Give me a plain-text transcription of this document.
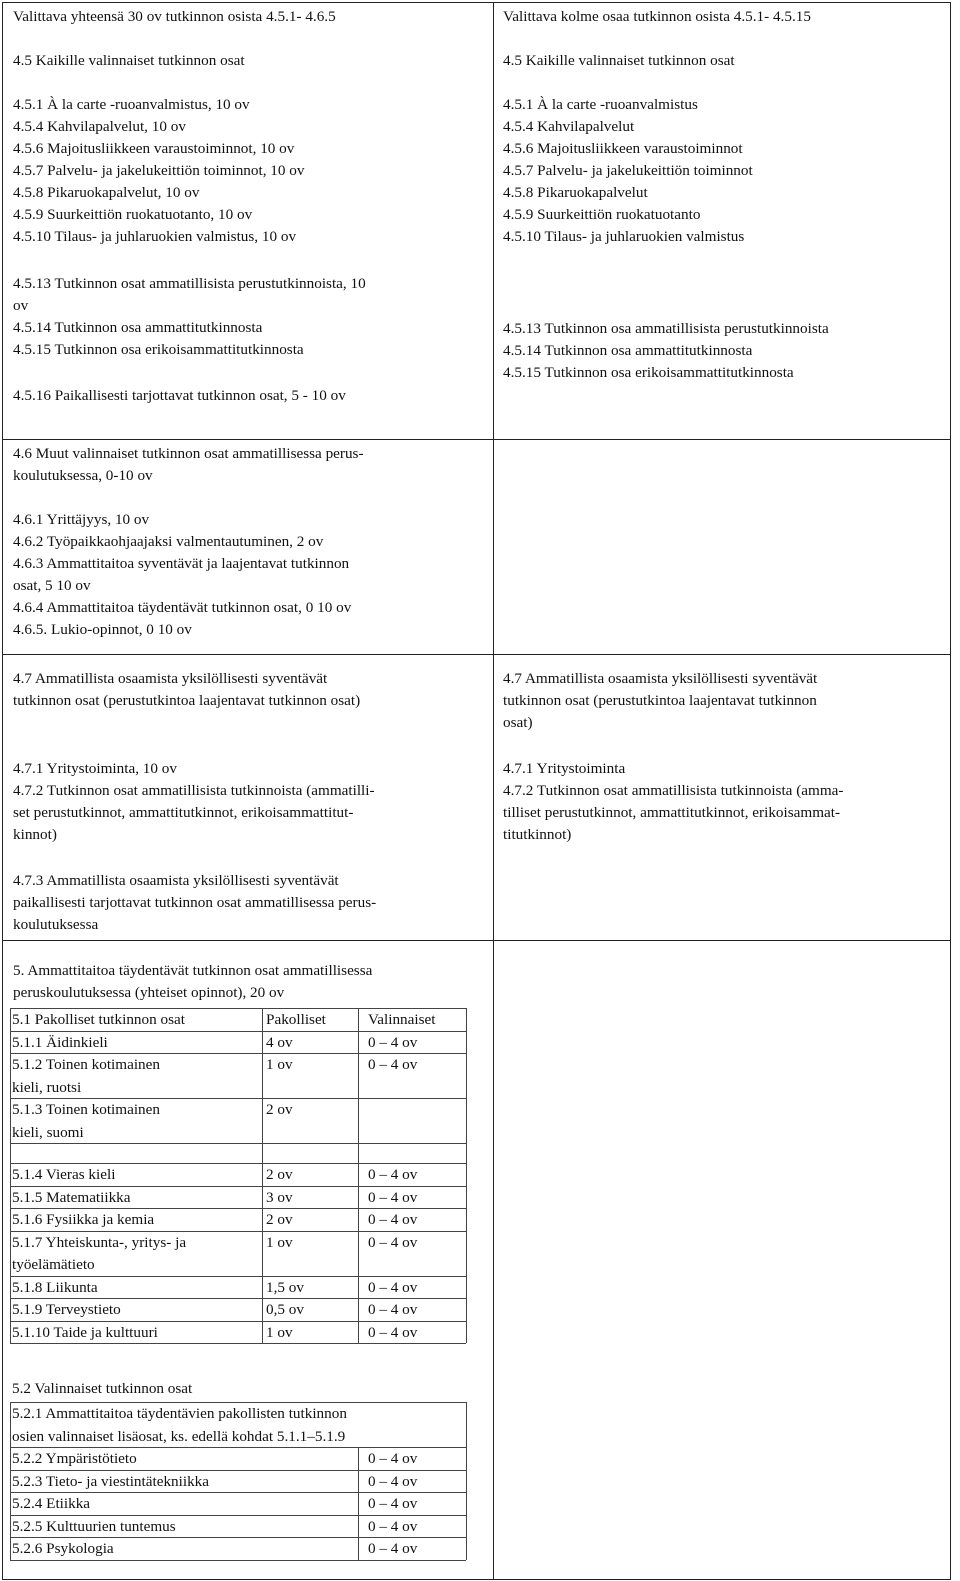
Valittava yhteensä 30 ov tutkinnon osista 4.5.1- 4.6.5
4.5 Kaikille valinnaiset tutkinnon osat
4.5.1 À la carte -ruoanvalmistus, 10 ov
4.5.4 Kahvilapalvelut, 10 ov
4.5.6 Majoitusliikkeen varaustoiminnot, 10 ov
4.5.7 Palvelu- ja jakelukeittiön toiminnot, 10 ov
4.5.8 Pikaruokapalvelut, 10 ov
4.5.9 Suurkeittiön ruokatuotanto, 10 ov
4.5.10 Tilaus- ja juhlaruokien valmistus, 10 ov
4.5.13 Tutkinnon osat ammatillisista perustutkinnoista, 10
ov
4.5.14 Tutkinnon osa ammattitutkinnosta
4.5.15 Tutkinnon osa erikoisammattitutkinnosta
4.5.16 Paikallisesti tarjottavat tutkinnon osat, 5 - 10 ov
Valittava kolme osaa tutkinnon osista 4.5.1- 4.5.15
4.5 Kaikille valinnaiset tutkinnon osat
4.5.1 À la carte -ruoanvalmistus
4.5.4 Kahvilapalvelut
4.5.6 Majoitusliikkeen varaustoiminnot
4.5.7 Palvelu- ja jakelukeittiön toiminnot
4.5.8 Pikaruokapalvelut
4.5.9 Suurkeittiön ruokatuotanto
4.5.10 Tilaus- ja juhlaruokien valmistus
4.5.13 Tutkinnon osa ammatillisista perustutkinnoista
4.5.14 Tutkinnon osa ammattitutkinnosta
4.5.15 Tutkinnon osa erikoisammattitutkinnosta
4.6 Muut valinnaiset tutkinnon osat ammatillisessa perus-
koulutuksessa, 0-10 ov
4.6.1 Yrittäjyys, 10 ov
4.6.2 Työpaikkaohjaajaksi valmentautuminen, 2 ov
4.6.3 Ammattitaitoa syventävät ja laajentavat tutkinnon
osat, 5 10 ov
4.6.4 Ammattitaitoa täydentävät tutkinnon osat, 0 10 ov
4.6.5. Lukio-opinnot, 0 10 ov
4.7 Ammatillista osaamista yksilöllisesti syventävät
tutkinnon osat (perustutkintoa laajentavat tutkinnon osat)
4.7.1 Yritystoiminta, 10 ov
4.7.2 Tutkinnon osat ammatillisista tutkinnoista (ammatilli-
set perustutkinnot, ammattitutkinnot, erikoisammattitut-
kinnot)
4.7.3 Ammatillista osaamista yksilöllisesti syventävät
paikallisesti tarjottavat tutkinnon osat ammatillisessa perus-
koulutuksessa
4.7 Ammatillista osaamista yksilöllisesti syventävät
tutkinnon osat (perustutkintoa laajentavat tutkinnon
osat)
4.7.1 Yritystoiminta
4.7.2 Tutkinnon osat ammatillisista tutkinnoista (amma-
tilliset perustutkinnot, ammattitutkinnot, erikoisammat-
titutkinnot)
5. Ammattitaitoa täydentävät tutkinnon osat ammatillisessa
peruskoulutuksessa (yhteiset opinnot), 20 ov
5.1 Pakolliset tutkinnon osat	Pakolliset	Valinnaiset
5.1.1 Äidinkieli	4 ov	0 – 4 ov
5.1.2 Toinen kotimainen
kieli, ruotsi
1 ov	0 – 4 ov
5.1.3 Toinen kotimainen
kieli, suomi
2 ov
5.1.4 Vieras kieli	2 ov	0 – 4 ov
5.1.5 Matematiikka	3 ov	0 – 4 ov
5.1.6 Fysiikka ja kemia	2 ov	0 – 4 ov
5.1.7 Yhteiskunta-, yritys- ja
työelämätieto
1 ov	0 – 4 ov
5.1.8 Liikunta	1,5 ov	0 – 4 ov
5.1.9 Terveystieto	0,5 ov	0 – 4 ov
5.1.10 Taide ja kulttuuri	1 ov	0 – 4 ov
5.2 Valinnaiset tutkinnon osat
5.2.1 Ammattitaitoa täydentävien pakollisten tutkinnon
osien valinnaiset lisäosat, ks. edellä kohdat 5.1.1–5.1.9
5.2.2 Ympäristötieto	0 – 4 ov
5.2.3 Tieto- ja viestintätekniikka	0 – 4 ov
5.2.4 Etiikka	0 – 4 ov
5.2.5 Kulttuurien tuntemus	0 – 4 ov
5.2.6 Psykologia	0 – 4 ov
